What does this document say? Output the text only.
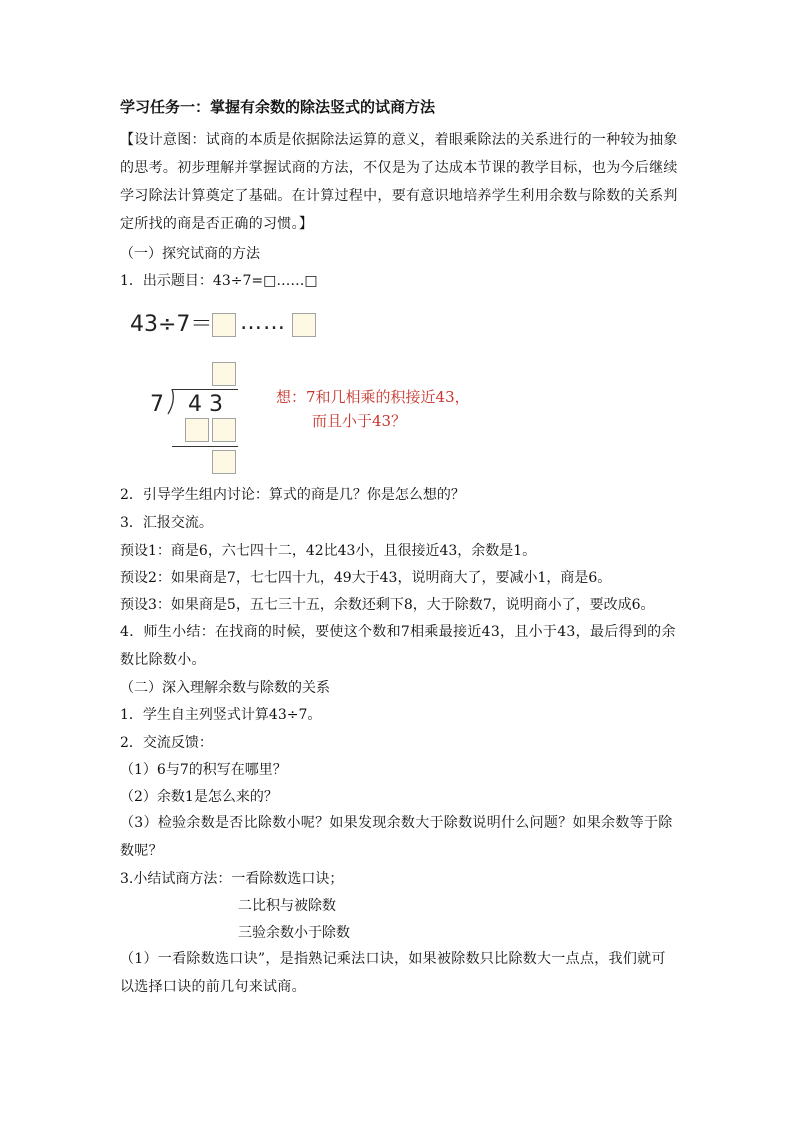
学习任务一：掌握有余数的除法竖式的试商方法
【设计意图：试商的本质是依据除法运算的意义，着眼乘除法的关系进行的一种较为抽象的思考。初步理解并掌握试商的方法，不仅是为了达成本节课的教学目标，也为今后继续学习除法计算奠定了基础。在计算过程中，要有意识地培养学生利用余数与除数的关系判定所找的商是否正确的习惯。】
（一）探究试商的方法
1．出示题目：43÷7=□……□
43÷7＝ ……
7 4 3	想：7和几相乘的积接近43，
而且小于43？
2．引导学生组内讨论：算式的商是几？你是怎么想的？
3．汇报交流。
预设1：商是6，六七四十二，42比43小，且很接近43，余数是1。
预设2：如果商是7，七七四十九，49大于43，说明商大了，要减小1，商是6。
预设3：如果商是5，五七三十五，余数还剩下8，大于除数7，说明商小了，要改成6。
4．师生小结：在找商的时候，要使这个数和7相乘最接近43，且小于43，最后得到的余数比除数小。
（二）深入理解余数与除数的关系
1．学生自主列竖式计算43÷7。
2．交流反馈：
（1）6与7的积写在哪里？
（2）余数1是怎么来的？
（3）检验余数是否比除数小呢？如果发现余数大于除数说明什么问题？如果余数等于除数呢？
3.小结试商方法：一看除数选口诀；
二比积与被除数
三验余数小于除数
（1）一看除数选口诀”，是指熟记乘法口诀，如果被除数只比除数大一点点，我们就可以选择口诀的前几句来试商。
